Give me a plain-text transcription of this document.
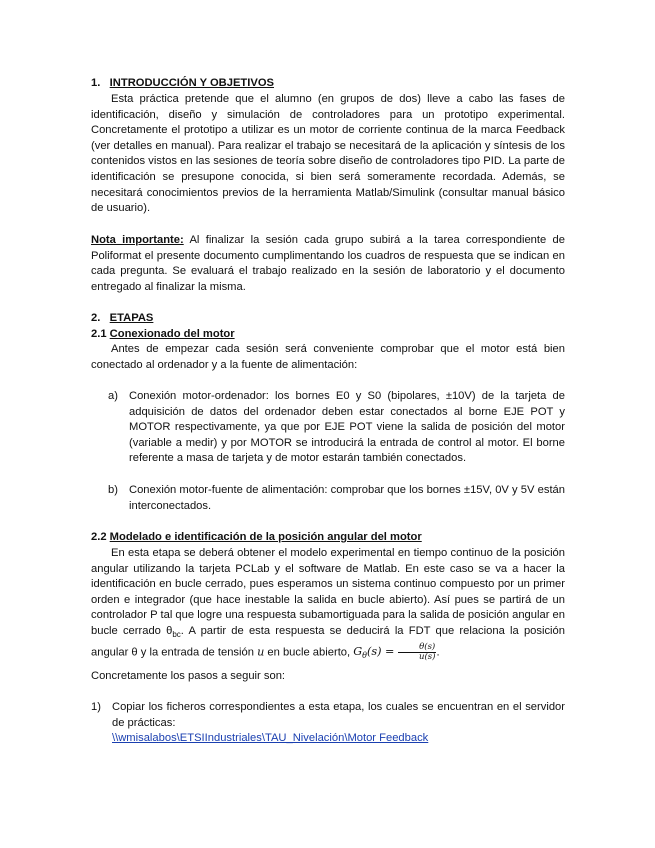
1. INTRODUCCIÓN Y OBJETIVOS
Esta práctica pretende que el alumno (en grupos de dos) lleve a cabo las fases de identificación, diseño y simulación de controladores para un prototipo experimental. Concretamente el prototipo a utilizar es un motor de corriente continua de la marca Feedback (ver detalles en manual). Para realizar el trabajo se necesitará de la aplicación y síntesis de los contenidos vistos en las sesiones de teoría sobre diseño de controladores tipo PID. La parte de identificación se presupone conocida, si bien será someramente recordada. Además, se necesitará conocimientos previos de la herramienta Matlab/Simulink (consultar manual básico de usuario).
Nota importante: Al finalizar la sesión cada grupo subirá a la tarea correspondiente de Poliformat el presente documento cumplimentando los cuadros de respuesta que se indican en cada pregunta. Se evaluará el trabajo realizado en la sesión de laboratorio y el documento entregado al finalizar la misma.
2. ETAPAS
2.1 Conexionado del motor
Antes de empezar cada sesión será conveniente comprobar que el motor está bien conectado al ordenador y a la fuente de alimentación:
a) Conexión motor-ordenador: los bornes E0 y S0 (bipolares, ±10V) de la tarjeta de adquisición de datos del ordenador deben estar conectados al borne EJE POT y MOTOR respectivamente, ya que por EJE POT viene la salida de posición del motor (variable a medir) y por MOTOR se introducirá la entrada de control al motor. El borne referente a masa de tarjeta y de motor estarán también conectados.
b) Conexión motor-fuente de alimentación: comprobar que los bornes ±15V, 0V y 5V están interconectados.
2.2 Modelado e identificación de la posición angular del motor
En esta etapa se deberá obtener el modelo experimental en tiempo continuo de la posición angular utilizando la tarjeta PCLab y el software de Matlab. En este caso se va a hacer la identificación en bucle cerrado, pues esperamos un sistema continuo compuesto por un primer orden e integrador (que hace inestable la salida en bucle abierto). Así pues se partirá de un controlador P tal que logre una respuesta subamortiguada para la salida de posición angular en bucle cerrado $\theta_{bc}$. A partir de esta respuesta se deducirá la FDT que relaciona la posición angular θ y la entrada de tensión u en bucle abierto, $G_\theta(s) = \frac{\theta(s)}{u(s)}$ .
Concretamente los pasos a seguir son:
1) Copiar los ficheros correspondientes a esta etapa, los cuales se encuentran en el servidor de prácticas:
\\wmisalabos\ETSIIndustriales\TAU_Nivelación\Motor Feedback
